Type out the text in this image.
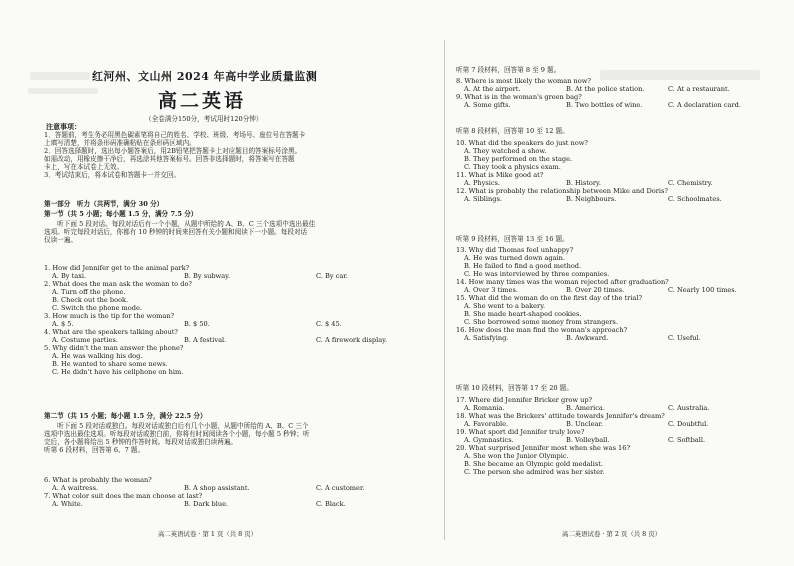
红河州、文山州 2024 年高中学业质量监测
高二英语
（全卷满分150分，考试用时120分钟）
注意事项：
1．答题前，考生务必用黑色碳素笔将自己的姓名、学校、班级、考场号、座位号在答题卡
上填写清楚，并将条形码准确粘贴在条形码区域内。
2．回答选择题时，选出每小题答案后，用2B铅笔把答题卡上对应题目的答案标号涂黑。
如需改动，用橡皮擦干净后，再选涂其他答案标号。回答非选择题时，将答案写在答题
卡上，写在本试卷上无效。
3．考试结束后，将本试卷和答题卡一并交回。
第一部分　听力（共两节，满分 30 分）
第一节（共 5 小题；每小题 1.5 分，满分 7.5 分）
　　听下面 5 段对话。每段对话后有一个小题，从题中所给的 A、B、C 三个选项中选出最佳
选项。听完每段对话后，你都有 10 秒钟的时间来回答有关小题和阅读下一小题。每段对话
仅读一遍。
1. How did Jennifer get to the animal park?
A. By taxi.	B. By subway.	C. By car.
2. What does the man ask the woman to do?
A. Turn off the phone.
B. Check out the book.
C. Switch the phone mode.
3. How much is the tip for the woman?
A. $ 5.	B. $ 50.	C. $ 45.
4. What are the speakers talking about?
A. Costume parties.	B. A festival.	C. A firework display.
5. Why didn't the man answer the phone?
A. He was walking his dog.
B. He wanted to share some news.
C. He didn't have his cellphone on him.
第二节（共 15 小题；每小题 1.5 分，满分 22.5 分）
　　听下面 5 段对话或独白。每段对话或独白后有几个小题，从题中所给的 A、B、C 三个
选项中选出最佳选项。听每段对话或独白前，你将有时间阅读各个小题，每小题 5 秒钟；听
完后，各小题将给出 5 秒钟的作答时间。每段对话或独白读两遍。
听第 6 段材料，回答第 6、7 题。
6. What is probably the woman?
A. A waitress.	B. A shop assistant.	C. A customer.
7. What color suit does the man choose at last?
A. White.	B. Dark blue.	C. Black.
高二英语试卷 · 第 1 页（共 8 页）
听第 7 段材料，回答第 8 至 9 题。
8. Where is most likely the woman now?
A. At the airport.	B. At the police station.	C. At a restaurant.
9. What is in the woman's green bag?
A. Some gifts.	B. Two bottles of wine.	C. A declaration card.
听第 8 段材料，回答第 10 至 12 题。
10. What did the speakers do just now?
A. They watched a show.
B. They performed on the stage.
C. They took a physics exam.
11. What is Mike good at?
A. Physics.	B. History.	C. Chemistry.
12. What is probably the relationship between Mike and Doris?
A. Siblings.	B. Neighbours.	C. Schoolmates.
听第 9 段材料，回答第 13 至 16 题。
13. Why did Thomas feel unhappy?
A. He was turned down again.
B. He failed to find a good method.
C. He was interviewed by three companies.
14. How many times was the woman rejected after graduation?
A. Over 3 times.	B. Over 20 times.	C. Nearly 100 times.
15. What did the woman do on the first day of the trial?
A. She went to a bakery.
B. She made heart-shaped cookies.
C. She borrowed some money from strangers.
16. How does the man find the woman's approach?
A. Satisfying.	B. Awkward.	C. Useful.
听第 10 段材料，回答第 17 至 20 题。
17. Where did Jennifer Bricker grow up?
A. Romania.	B. America.	C. Australia.
18. What was the Brickers' attitude towards Jennifer's dream?
A. Favorable.	B. Unclear.	C. Doubtful.
19. What sport did Jennifer truly love?
A. Gymnastics.	B. Volleyball.	C. Softball.
20. What surprised Jennifer most when she was 16?
A. She won the Junior Olympic.
B. She became an Olympic gold medalist.
C. The person she admired was her sister.
高二英语试卷 · 第 2 页（共 8 页）
